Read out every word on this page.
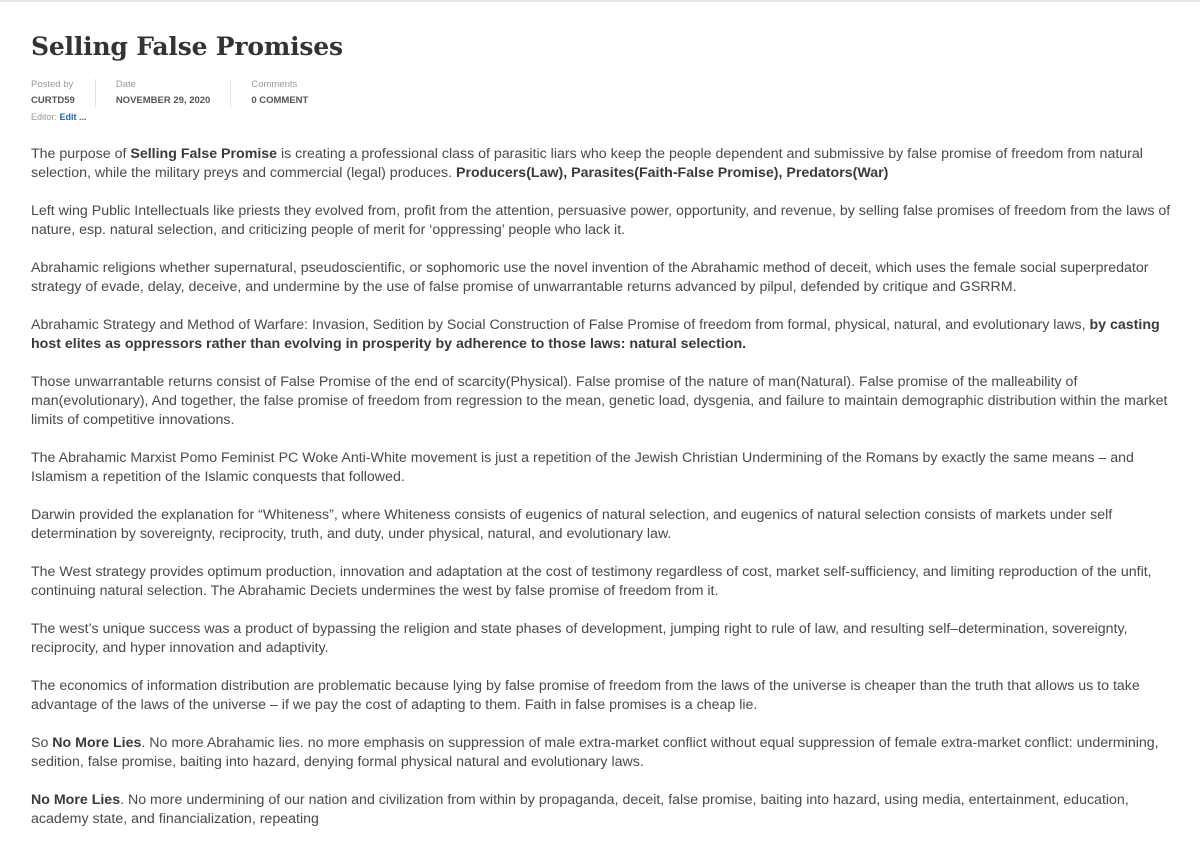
Selling False Promises
Posted by
CURTD59
Date
NOVEMBER 29, 2020
Comments
0 COMMENT
Editor: Edit ...

The purpose of Selling False Promise is creating a professional class of parasitic liars who keep the people dependent and submissive by false promise of freedom from natural selection, while the military preys and commercial (legal) produces. Producers(Law), Parasites(Faith-False Promise), Predators(War)

Left wing Public Intellectuals like priests they evolved from, profit from the attention, persuasive power, opportunity, and revenue, by selling false promises of freedom from the laws of nature, esp. natural selection, and criticizing people of merit for ‘oppressing’ people who lack it.

Abrahamic religions whether supernatural, pseudoscientific, or sophomoric use the novel invention of the Abrahamic method of deceit, which uses the female social superpredator strategy of evade, delay, deceive, and undermine by the use of false promise of unwarrantable returns advanced by pilpul, defended by critique and GSRRM.

Abrahamic Strategy and Method of Warfare: Invasion, Sedition by Social Construction of False Promise of freedom from formal, physical, natural, and evolutionary laws, by casting host elites as oppressors rather than evolving in prosperity by adherence to those laws: natural selection.

Those unwarrantable returns consist of False Promise of the end of scarcity(Physical). False promise of the nature of man(Natural). False promise of the malleability of man(evolutionary), And together, the false promise of freedom from regression to the mean, genetic load, dysgenia, and failure to maintain demographic distribution within the market limits of competitive innovations.

The Abrahamic Marxist Pomo Feminist PC Woke Anti-White movement is just a repetition of the Jewish Christian Undermining of the Romans by exactly the same means – and Islamism a repetition of the Islamic conquests that followed.

Darwin provided the explanation for “Whiteness”, where Whiteness consists of eugenics of natural selection, and eugenics of natural selection consists of markets under self determination by sovereignty, reciprocity, truth, and duty, under physical, natural, and evolutionary law.

The West strategy provides optimum production, innovation and adaptation at the cost of testimony regardless of cost, market self-sufficiency, and limiting reproduction of the unfit, continuing natural selection. The Abrahamic Deciets undermines the west by false promise of freedom from it.

The west’s unique success was a product of bypassing the religion and state phases of development, jumping right to rule of law, and resulting self–determination, sovereignty, reciprocity, and hyper innovation and adaptivity.

The economics of information distribution are problematic because lying by false promise of freedom from the laws of the universe is cheaper than the truth that allows us to take advantage of the laws of the universe – if we pay the cost of adapting to them. Faith in false promises is a cheap lie.

So No More Lies. No more Abrahamic lies. no more emphasis on suppression of male extra-market conflict without equal suppression of female extra-market conflict: undermining, sedition, false promise, baiting into hazard, denying formal physical natural and evolutionary laws.

No More Lies. No more undermining of our nation and civilization from within by propaganda, deceit, false promise, baiting into hazard, using media, entertainment, education, academy state, and financialization, repeating
